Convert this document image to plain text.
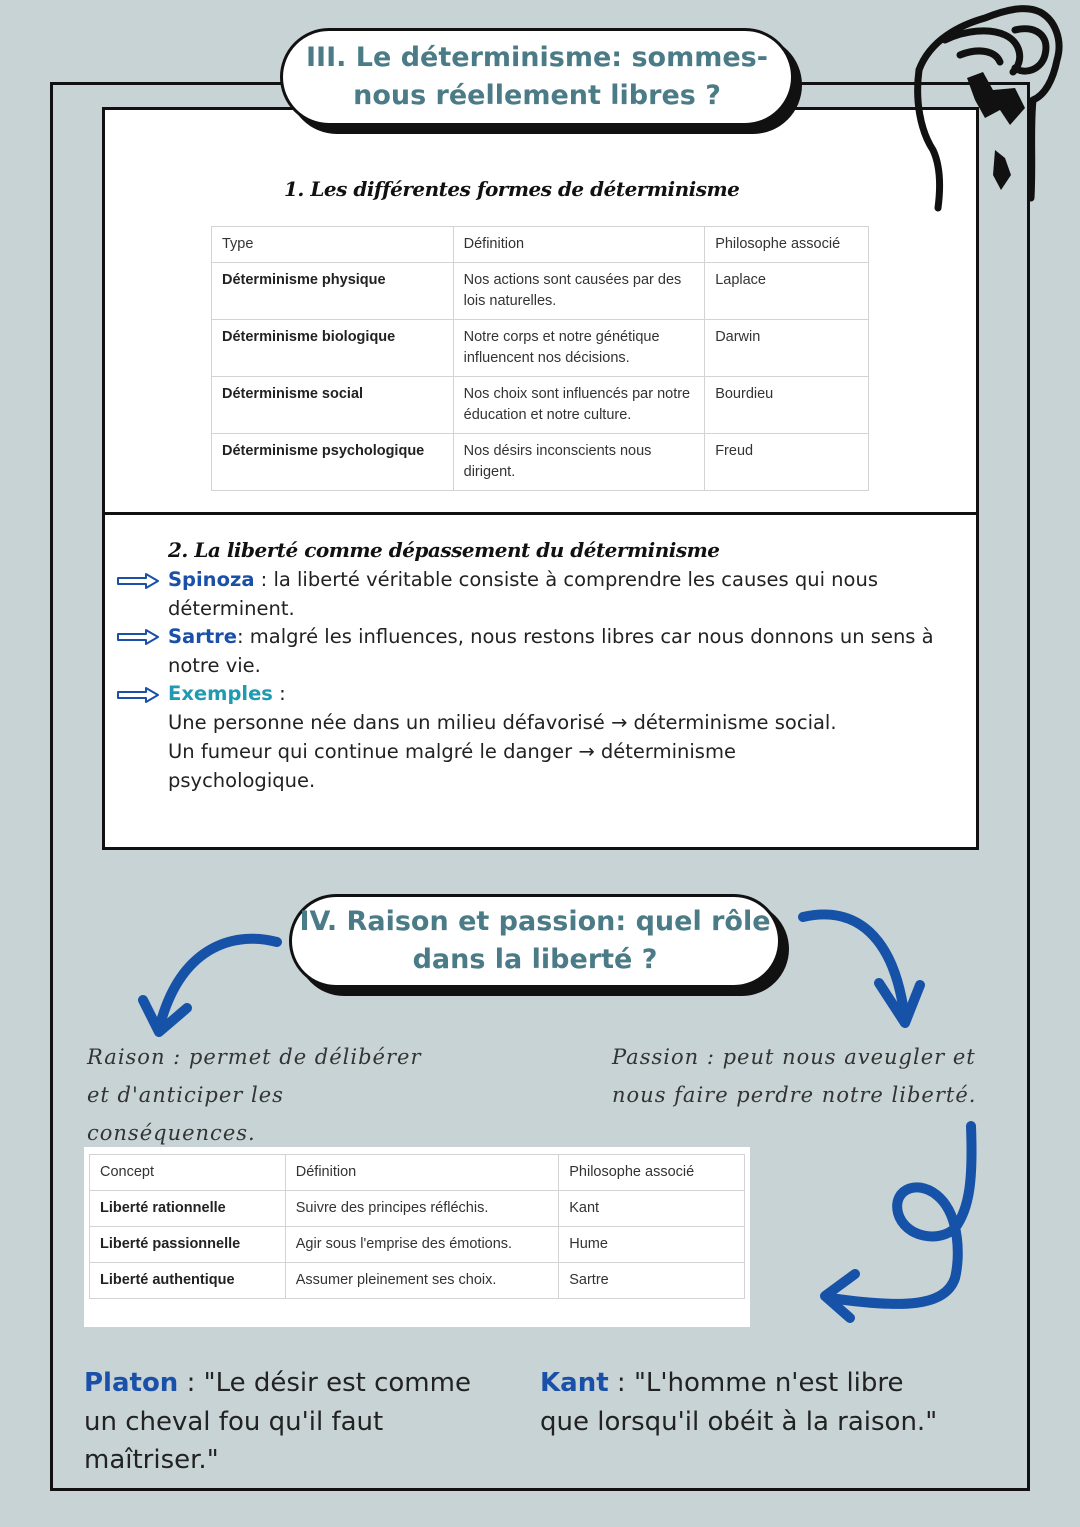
III. Le déterminisme: sommes-
nous réellement libres ?
1. Les différentes formes de déterminisme
Type	Définition	Philosophe associé
Déterminisme physique	Nos actions sont causées par des lois naturelles.	Laplace
Déterminisme biologique	Notre corps et notre génétique influencent nos décisions.	Darwin
Déterminisme social	Nos choix sont influencés par notre éducation et notre culture.	Bourdieu
Déterminisme psychologique	Nos désirs inconscients nous dirigent.	Freud
2. La liberté comme dépassement du déterminisme
Spinoza : la liberté véritable consiste à comprendre les causes qui nous déterminent.
Sartre: malgré les influences, nous restons libres car nous donnons un sens à notre vie.
Exemples :
Une personne née dans un milieu défavorisé → déterminisme social.
Un fumeur qui continue malgré le danger → déterminisme psychologique.
IV. Raison et passion: quel rôle
dans la liberté ?
Raison : permet de délibérer et d'anticiper les conséquences.
Passion : peut nous aveugler et nous faire perdre notre liberté.
Concept	Définition	Philosophe associé
Liberté rationnelle	Suivre des principes réfléchis.	Kant
Liberté passionnelle	Agir sous l'emprise des émotions.	Hume
Liberté authentique	Assumer pleinement ses choix.	Sartre
Platon : "Le désir est comme un cheval fou qu'il faut maîtriser."
Kant : "L'homme n'est libre que lorsqu'il obéit à la raison."
